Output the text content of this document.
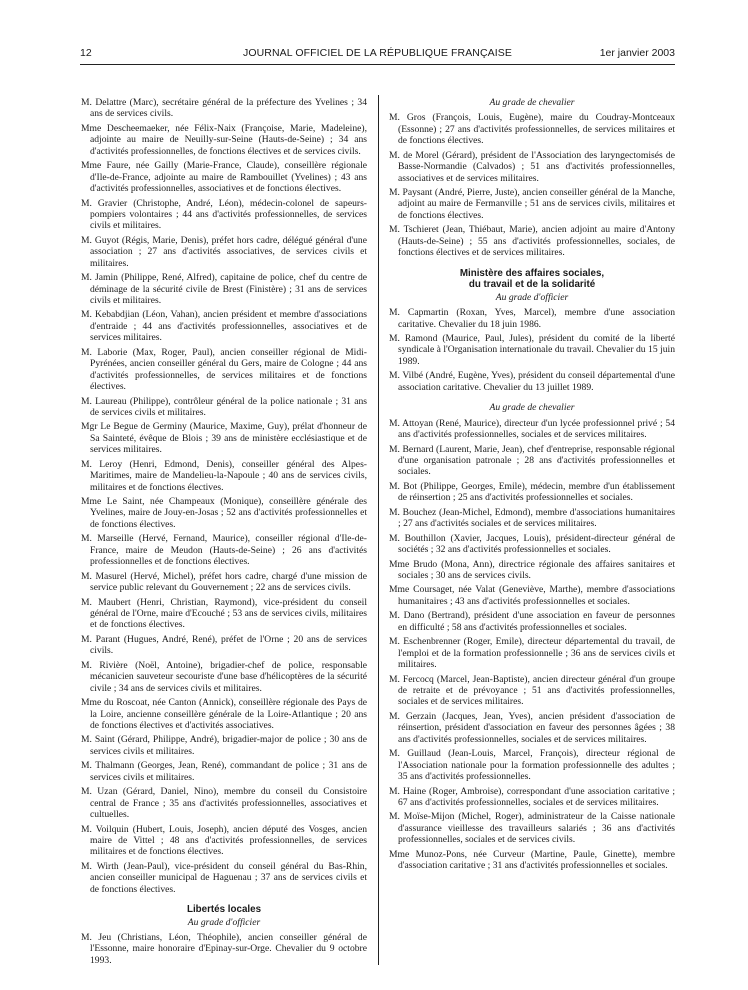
12	JOURNAL OFFICIEL DE LA RÉPUBLIQUE FRANÇAISE	1er janvier 2003

M. Delattre (Marc), secrétaire général de la préfecture des Yvelines ; 34 ans de services civils.

Mme Descheemaeker, née Félix-Naix (Françoise, Marie, Madeleine), adjointe au maire de Neuilly-sur-Seine (Hauts-de-Seine) ; 34 ans d'activités professionnelles, de fonctions électives et de services civils.

Mme Faure, née Gailly (Marie-France, Claude), conseillère régionale d'Ile-de-France, adjointe au maire de Rambouillet (Yvelines) ; 43 ans d'activités professionnelles, associatives et de fonctions électives.

M. Gravier (Christophe, André, Léon), médecin-colonel de sapeurs-pompiers volontaires ; 44 ans d'activités professionnelles, de services civils et militaires.

M. Guyot (Régis, Marie, Denis), préfet hors cadre, délégué général d'une association ; 27 ans d'activités associatives, de services civils et militaires.

M. Jamin (Philippe, René, Alfred), capitaine de police, chef du centre de déminage de la sécurité civile de Brest (Finistère) ; 31 ans de services civils et militaires.

M. Kebabdjian (Léon, Vahan), ancien président et membre d'associations d'entraide ; 44 ans d'activités professionnelles, associatives et de services militaires.

M. Laborie (Max, Roger, Paul), ancien conseiller régional de Midi-Pyrénées, ancien conseiller général du Gers, maire de Cologne ; 44 ans d'activités professionnelles, de services militaires et de fonctions électives.

M. Laureau (Philippe), contrôleur général de la police nationale ; 31 ans de services civils et militaires.

Mgr Le Begue de Germiny (Maurice, Maxime, Guy), prélat d'honneur de Sa Sainteté, évêque de Blois ; 39 ans de ministère ecclésiastique et de services militaires.

M. Leroy (Henri, Edmond, Denis), conseiller général des Alpes-Maritimes, maire de Mandelieu-la-Napoule ; 40 ans de services civils, militaires et de fonctions électives.

Mme Le Saint, née Champeaux (Monique), conseillère générale des Yvelines, maire de Jouy-en-Josas ; 52 ans d'activités professionnelles et de fonctions électives.

M. Marseille (Hervé, Fernand, Maurice), conseiller régional d'Ile-de-France, maire de Meudon (Hauts-de-Seine) ; 26 ans d'activités professionnelles et de fonctions électives.

M. Masurel (Hervé, Michel), préfet hors cadre, chargé d'une mission de service public relevant du Gouvernement ; 22 ans de services civils.

M. Maubert (Henri, Christian, Raymond), vice-président du conseil général de l'Orne, maire d'Ecouché ; 53 ans de services civils, militaires et de fonctions électives.

M. Parant (Hugues, André, René), préfet de l'Orne ; 20 ans de services civils.

M. Rivière (Noël, Antoine), brigadier-chef de police, responsable mécanicien sauveteur secouriste d'une base d'hélicoptères de la sécurité civile ; 34 ans de services civils et militaires.

Mme du Roscoat, née Canton (Annick), conseillère régionale des Pays de la Loire, ancienne conseillère générale de la Loire-Atlantique ; 20 ans de fonctions électives et d'activités associatives.

M. Saint (Gérard, Philippe, André), brigadier-major de police ; 30 ans de services civils et militaires.

M. Thalmann (Georges, Jean, René), commandant de police ; 31 ans de services civils et militaires.

M. Uzan (Gérard, Daniel, Nino), membre du conseil du Consistoire central de France ; 35 ans d'activités professionnelles, associatives et cultuelles.

M. Voilquin (Hubert, Louis, Joseph), ancien député des Vosges, ancien maire de Vittel ; 48 ans d'activités professionnelles, de services militaires et de fonctions électives.

M. Wirth (Jean-Paul), vice-président du conseil général du Bas-Rhin, ancien conseiller municipal de Haguenau ; 37 ans de services civils et de fonctions électives.

Libertés locales
Au grade d'officier

M. Jeu (Christians, Léon, Théophile), ancien conseiller général de l'Essonne, maire honoraire d'Epinay-sur-Orge. Chevalier du 9 octobre 1993.

Au grade de chevalier

M. Gros (François, Louis, Eugène), maire du Coudray-Montceaux (Essonne) ; 27 ans d'activités professionnelles, de services militaires et de fonctions électives.

M. de Morel (Gérard), président de l'Association des laryngectomisés de Basse-Normandie (Calvados) ; 51 ans d'activités professionnelles, associatives et de services militaires.

M. Paysant (André, Pierre, Juste), ancien conseiller général de la Manche, adjoint au maire de Fermanville ; 51 ans de services civils, militaires et de fonctions électives.

M. Tschieret (Jean, Thiébaut, Marie), ancien adjoint au maire d'Antony (Hauts-de-Seine) ; 55 ans d'activités professionnelles, sociales, de fonctions électives et de services militaires.

Ministère des affaires sociales,
du travail et de la solidarité
Au grade d'officier

M. Capmartin (Roxan, Yves, Marcel), membre d'une association caritative. Chevalier du 18 juin 1986.

M. Ramond (Maurice, Paul, Jules), président du comité de la liberté syndicale à l'Organisation internationale du travail. Chevalier du 15 juin 1989.

M. Vilbé (André, Eugène, Yves), président du conseil départemental d'une association caritative. Chevalier du 13 juillet 1989.

Au grade de chevalier

M. Attoyan (René, Maurice), directeur d'un lycée professionnel privé ; 54 ans d'activités professionnelles, sociales et de services militaires.

M. Bernard (Laurent, Marie, Jean), chef d'entreprise, responsable régional d'une organisation patronale ; 28 ans d'activités professionnelles et sociales.

M. Bot (Philippe, Georges, Emile), médecin, membre d'un établissement de réinsertion ; 25 ans d'activités professionnelles et sociales.

M. Bouchez (Jean-Michel, Edmond), membre d'associations humanitaires ; 27 ans d'activités sociales et de services militaires.

M. Bouthillon (Xavier, Jacques, Louis), président-directeur général de sociétés ; 32 ans d'activités professionnelles et sociales.

Mme Brudo (Mona, Ann), directrice régionale des affaires sanitaires et sociales ; 30 ans de services civils.

Mme Coursaget, née Valat (Geneviève, Marthe), membre d'associations humanitaires ; 43 ans d'activités professionnelles et sociales.

M. Dano (Bertrand), président d'une association en faveur de personnes en difficulté ; 58 ans d'activités professionnelles et sociales.

M. Eschenbrenner (Roger, Emile), directeur départemental du travail, de l'emploi et de la formation professionnelle ; 36 ans de services civils et militaires.

M. Fercocq (Marcel, Jean-Baptiste), ancien directeur général d'un groupe de retraite et de prévoyance ; 51 ans d'activités professionnelles, sociales et de services militaires.

M. Gerzain (Jacques, Jean, Yves), ancien président d'association de réinsertion, président d'association en faveur des personnes âgées ; 38 ans d'activités professionnelles, sociales et de services militaires.

M. Guillaud (Jean-Louis, Marcel, François), directeur régional de l'Association nationale pour la formation professionnelle des adultes ; 35 ans d'activités professionnelles.

M. Haine (Roger, Ambroise), correspondant d'une association caritative ; 67 ans d'activités professionnelles, sociales et de services militaires.

M. Moïse-Mijon (Michel, Roger), administrateur de la Caisse nationale d'assurance vieillesse des travailleurs salariés ; 36 ans d'activités professionnelles, sociales et de services civils.

Mme Munoz-Pons, née Curveur (Martine, Paule, Ginette), membre d'association caritative ; 31 ans d'activités professionnelles et sociales.
